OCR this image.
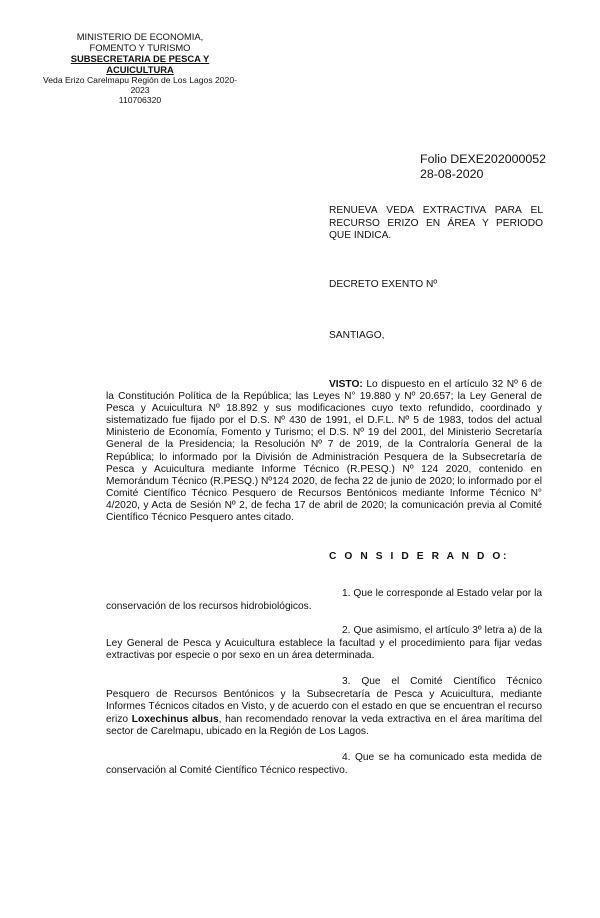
MINISTERIO DE ECONOMIA,
FOMENTO Y TURISMO
SUBSECRETARIA DE PESCA Y
ACUICULTURA
Veda Erizo Carelmapu Región de Los Lagos 2020-
2023
110706320
Folio DEXE202000052
28-08-2020
RENUEVA VEDA EXTRACTIVA PARA EL RECURSO ERIZO EN ÁREA Y PERIODO QUE INDICA.
DECRETO EXENTO Nº
SANTIAGO,
VISTO: Lo dispuesto en el artículo 32 Nº 6 de la Constitución Política de la República; las Leyes N° 19.880 y Nº 20.657; la Ley General de Pesca y Acuicultura Nº 18.892 y sus modificaciones cuyo texto refundido, coordinado y sistematizado fue fijado por el D.S. Nº 430 de 1991, el D.F.L. Nº 5 de 1983, todos del actual Ministerio de Economía, Fomento y Turismo; el D.S. Nº 19 del 2001, del Ministerio Secretaría General de la Presidencia; la Resolución Nº 7 de 2019, de la Contraloría General de la República; lo informado por la División de Administración Pesquera de la Subsecretaría de Pesca y Acuicultura mediante Informe Técnico (R.PESQ.) Nº 124 2020, contenido en Memorándum Técnico (R.PESQ.) Nº124 2020, de fecha 22 de junio de 2020; lo informado por el Comité Científico Técnico Pesquero de Recursos Bentónicos mediante Informe Técnico N° 4/2020, y Acta de Sesión Nº 2, de fecha 17 de abril de 2020; la comunicación previa al Comité Científico Técnico Pesquero antes citado.
C O N S I D E R A N D O:
1. Que le corresponde al Estado velar por la conservación de los recursos hidrobiológicos.
2. Que asimismo, el artículo 3º letra a) de la Ley General de Pesca y Acuicultura establece la facultad y el procedimiento para fijar vedas extractivas por especie o por sexo en un área determinada.
3. Que el Comité Científico Técnico Pesquero de Recursos Bentónicos y la Subsecretaría de Pesca y Acuicultura, mediante Informes Técnicos citados en Visto, y de acuerdo con el estado en que se encuentran el recurso erizo Loxechinus albus, han recomendado renovar la veda extractiva en el área marítima del sector de Carelmapu, ubicado en la Región de Los Lagos.
4. Que se ha comunicado esta medida de conservación al Comité Científico Técnico respectivo.
